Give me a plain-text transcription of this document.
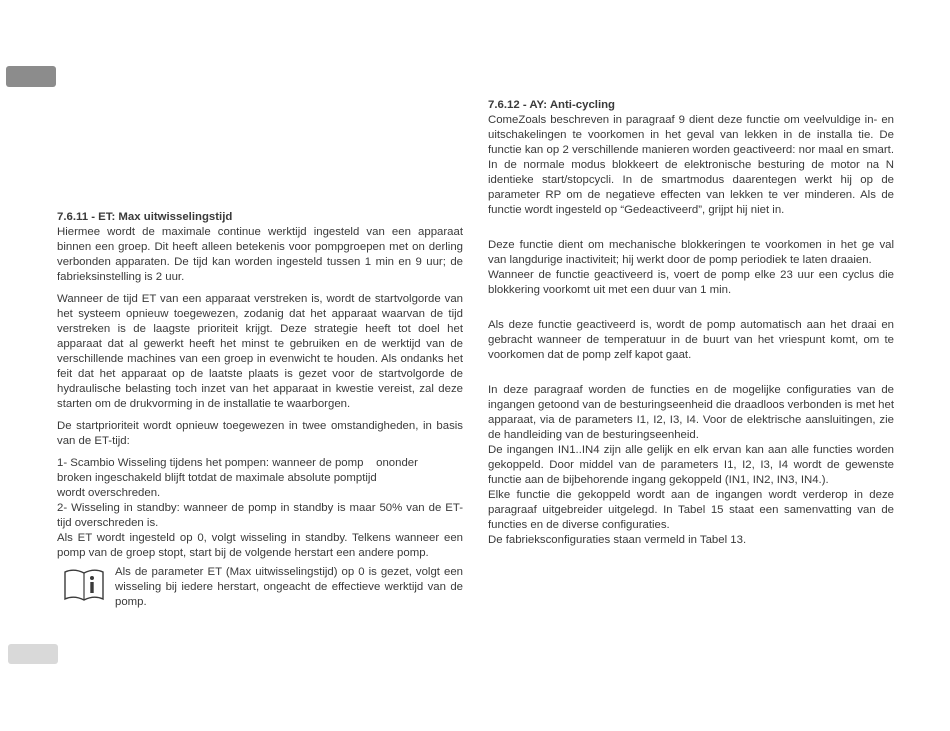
7.6.11 - ET: Max uitwisselingstijd

Hiermee wordt de maximale continue werktijd ingesteld van een apparaat binnen een groep. Dit heeft alleen betekenis voor pompgroepen met on derling verbonden apparaten. De tijd kan worden ingesteld tussen 1 min en 9 uur; de fabrieksinstelling is 2 uur.

Wanneer de tijd ET van een apparaat verstreken is, wordt de startvolgorde van het systeem opnieuw toegewezen, zodanig dat het apparaat waarvan de tijd verstreken is de laagste prioriteit krijgt. Deze strategie heeft tot doel het apparaat dat al gewerkt heeft het minst te gebruiken en de werktijd van de verschillende machines van een groep in evenwicht te houden. Als ondanks het feit dat het apparaat op de laatste plaats is gezet voor de startvolgorde de hydraulische belasting toch inzet van het apparaat in kwestie vereist, zal deze starten om de drukvorming in de installatie te waarborgen.

De startprioriteit wordt opnieuw toegewezen in twee omstandigheden, in basis van de ET-tijd:

1- Scambio Wisseling tijdens het pompen: wanneer de pomp    ononder
broken ingeschakeld blijft totdat de maximale absolute pomptijd
wordt overschreden.

2- Wisseling in standby: wanneer de pomp in standby is maar 50% van de ET-tijd overschreden is.

Als ET wordt ingesteld op 0, volgt wisseling in standby. Telkens wanneer een pomp van de groep stopt, start bij de volgende herstart een andere pomp.

Als de parameter ET (Max uitwisselingstijd) op 0 is gezet, volgt een wisseling bij iedere herstart, ongeacht de effectieve werktijd van de pomp.
7.6.12 - AY: Anti-cycling

ComeZoals beschreven in paragraaf 9 dient deze functie om veelvuldige in- en uitschakelingen te voorkomen in het geval van lekken in de installa tie. De functie kan op 2 verschillende manieren worden geactiveerd: nor maal en smart. In de normale modus blokkeert de elektronische besturing de motor na N identieke start/stopcycli. In de smartmodus daarentegen werkt hij op de parameter RP om de negatieve effecten van lekken te ver minderen. Als de functie wordt ingesteld op “Gedeactiveerd”, grijpt hij niet in.

Deze functie dient om mechanische blokkeringen te voorkomen in het ge val van langdurige inactiviteit; hij werkt door de pomp periodiek te laten draaien.

Wanneer de functie geactiveerd is, voert de pomp elke 23 uur een cyclus die blokkering voorkomt uit met een duur van 1 min.

Als deze functie geactiveerd is, wordt de pomp automatisch aan het draai en gebracht wanneer de temperatuur in de buurt van het vriespunt komt, om te voorkomen dat de pomp zelf kapot gaat.

In deze paragraaf worden de functies en de mogelijke configuraties van de ingangen getoond van de besturingseenheid die draadloos verbonden is met het apparaat, via de parameters I1, I2, I3, I4. Voor de elektrische aansluitingen, zie de handleiding van de besturingseenheid.

De ingangen IN1..IN4 zijn alle gelijk en elk ervan kan aan alle functies worden gekoppeld. Door middel van de parameters I1, I2, I3, I4 wordt de gewenste functie aan de bijbehorende ingang gekoppeld (IN1, IN2, IN3, IN4.).

Elke functie die gekoppeld wordt aan de ingangen wordt verderop in deze paragraaf uitgebreider uitgelegd. In Tabel 15 staat een samenvatting van de functies en de diverse configuraties.

De fabrieksconfiguraties staan vermeld in Tabel 13.
